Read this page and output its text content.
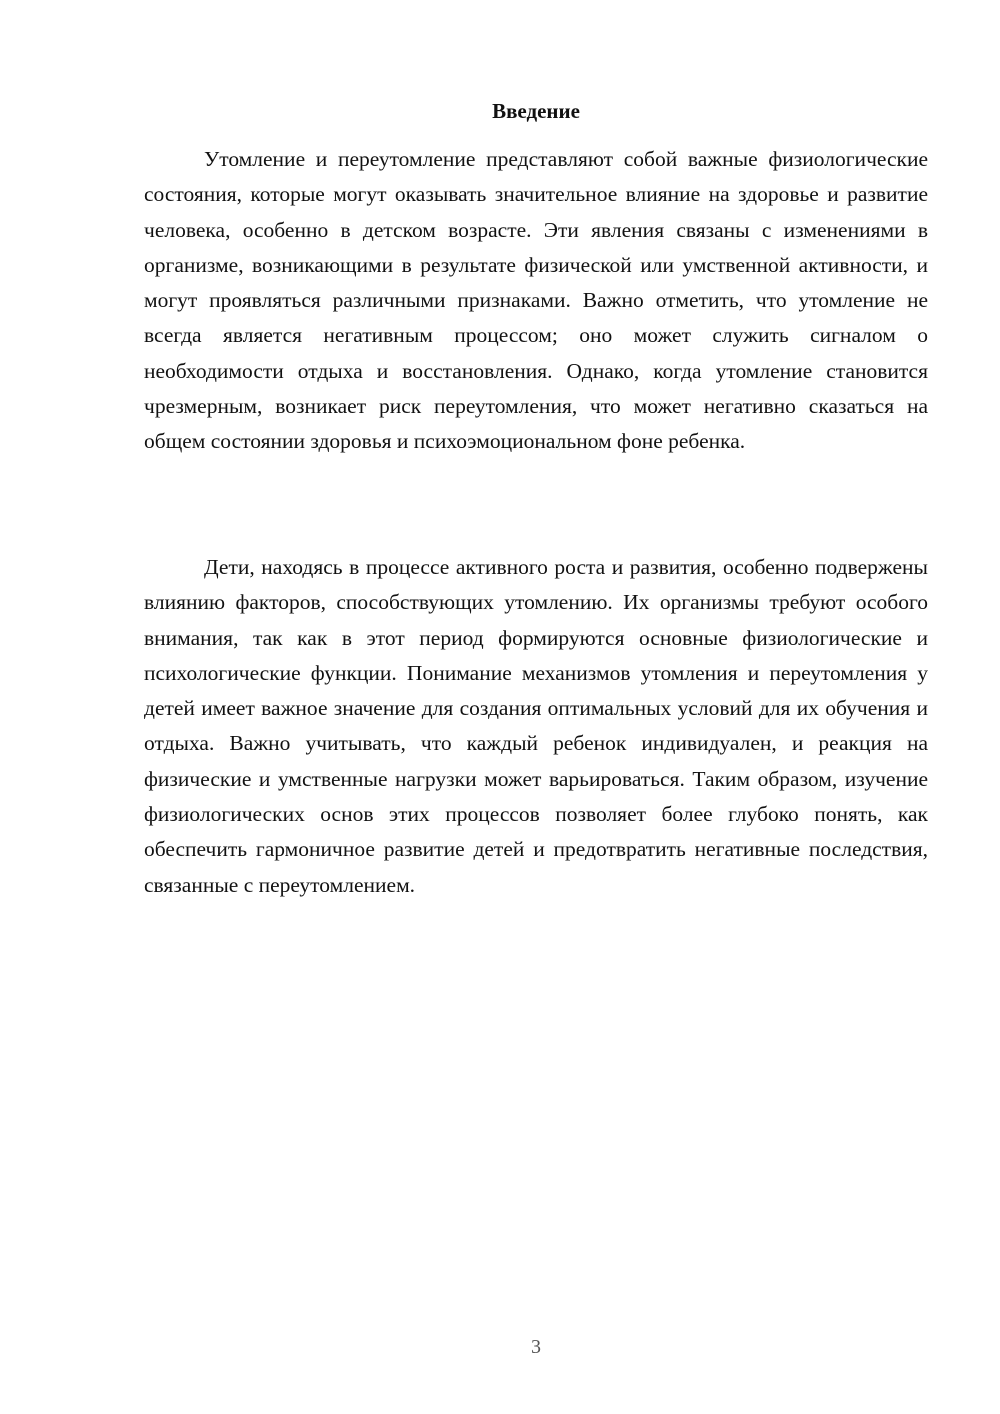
Введение

Утомление и переутомление представляют собой важные физиологические состояния, которые могут оказывать значительное влияние на здоровье и развитие человека, особенно в детском возрасте. Эти явления связаны с изменениями в организме, возникающими в результате физической или умственной активности, и могут проявляться различными признаками. Важно отметить, что утомление не всегда является негативным процессом; оно может служить сигналом о необходимости отдыха и восстановления. Однако, когда утомление становится чрезмерным, возникает риск переутомления, что может негативно сказаться на общем состоянии здоровья и психоэмоциональном фоне ребенка.

Дети, находясь в процессе активного роста и развития, особенно подвержены влиянию факторов, способствующих утомлению. Их организмы требуют особого внимания, так как в этот период формируются основные физиологические и психологические функции. Понимание механизмов утомления и переутомления у детей имеет важное значение для создания оптимальных условий для их обучения и отдыха. Важно учитывать, что каждый ребенок индивидуален, и реакция на физические и умственные нагрузки может варьироваться. Таким образом, изучение физиологических основ этих процессов позволяет более глубоко понять, как обеспечить гармоничное развитие детей и предотвратить негативные последствия, связанные с переутомлением.

3
